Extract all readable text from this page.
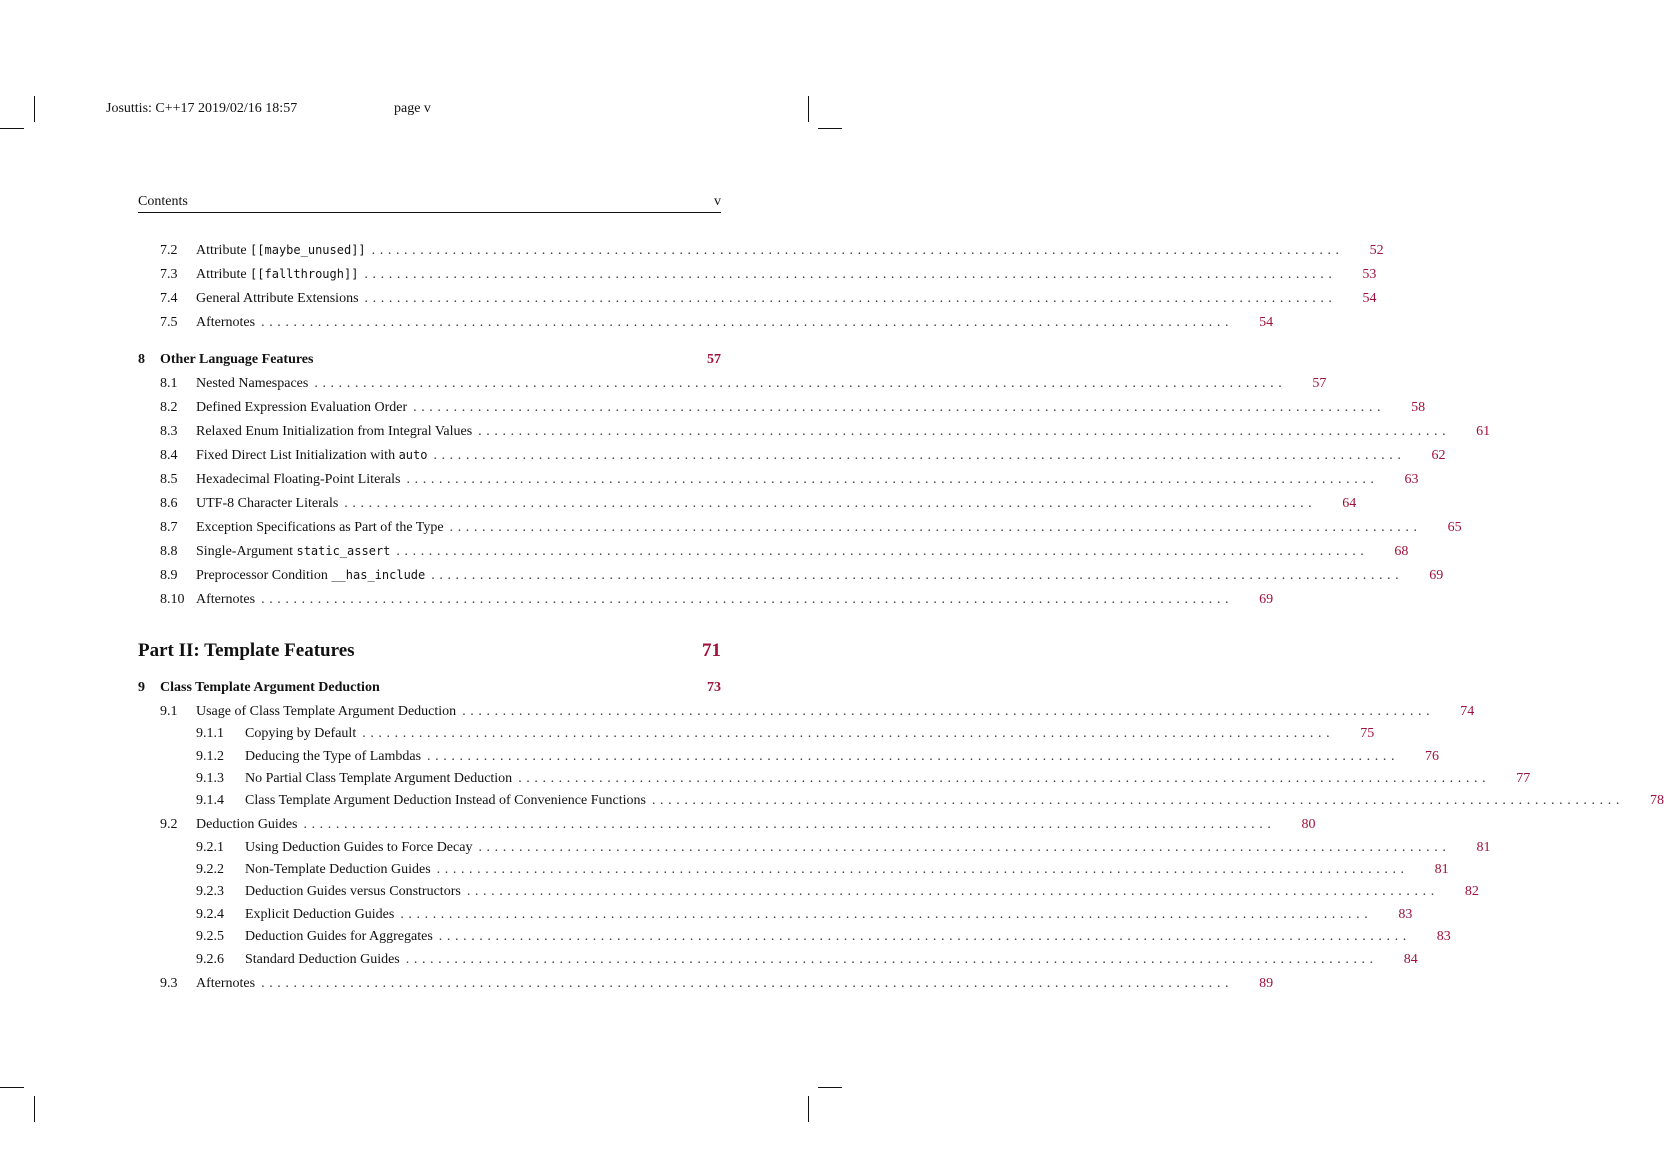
Josuttis: C++17 2019/02/16 18:57	page v
Contents	v
7.2	Attribute [[maybe_unused]] ........................................................................................................................	52
7.3	Attribute [[fallthrough]] ........................................................................................................................	53
7.4	General Attribute Extensions ........................................................................................................................	54
7.5	Afternotes ........................................................................................................................	54
8	Other Language Features	57
8.1	Nested Namespaces ........................................................................................................................	57
8.2	Defined Expression Evaluation Order ........................................................................................................................	58
8.3	Relaxed Enum Initialization from Integral Values ........................................................................................................................	61
8.4	Fixed Direct List Initialization with auto ........................................................................................................................	62
8.5	Hexadecimal Floating-Point Literals ........................................................................................................................	63
8.6	UTF-8 Character Literals ........................................................................................................................	64
8.7	Exception Specifications as Part of the Type ........................................................................................................................	65
8.8	Single-Argument static_assert ........................................................................................................................	68
8.9	Preprocessor Condition __has_include ........................................................................................................................	69
8.10 Afternotes ........................................................................................................................	69
Part II: Template Features	71
9	Class Template Argument Deduction	73
9.1	Usage of Class Template Argument Deduction ........................................................................................................................	74
9.1.1	Copying by Default ........................................................................................................................	75
9.1.2	Deducing the Type of Lambdas ........................................................................................................................	76
9.1.3	No Partial Class Template Argument Deduction ........................................................................................................................	77
9.1.4	Class Template Argument Deduction Instead of Convenience Functions ........................................................................................................................	78
9.2	Deduction Guides ........................................................................................................................	80
9.2.1	Using Deduction Guides to Force Decay ........................................................................................................................	81
9.2.2	Non-Template Deduction Guides ........................................................................................................................	81
9.2.3	Deduction Guides versus Constructors ........................................................................................................................	82
9.2.4	Explicit Deduction Guides ........................................................................................................................	83
9.2.5	Deduction Guides for Aggregates ........................................................................................................................	83
9.2.6	Standard Deduction Guides ........................................................................................................................	84
9.3	Afternotes ........................................................................................................................	89
